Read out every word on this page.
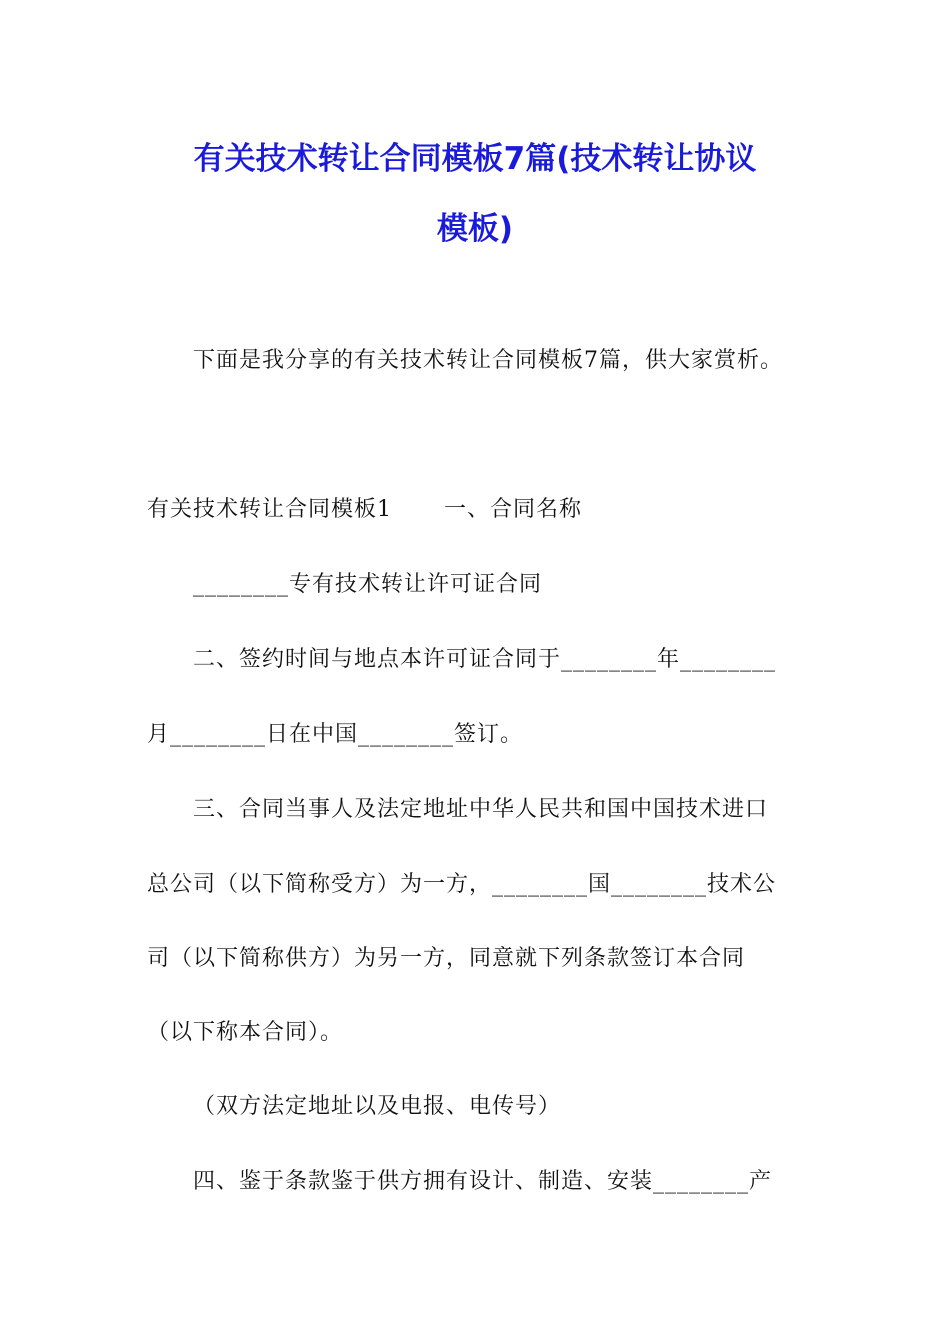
有关技术转让合同模板7篇(技术转让协议
模板)
下面是我分享的有关技术转让合同模板7篇，供大家赏析。
有关技术转让合同模板1 一、合同名称
________专有技术转让许可证合同
二、签约时间与地点本许可证合同于________年________
月________日在中国________签订。
三、合同当事人及法定地址中华人民共和国中国技术进口
总公司（以下简称受方）为一方，________国________技术公
司（以下简称供方）为另一方，同意就下列条款签订本合同
（以下称本合同）。
（双方法定地址以及电报、电传号）
四、鉴于条款鉴于供方拥有设计、制造、安装________产
